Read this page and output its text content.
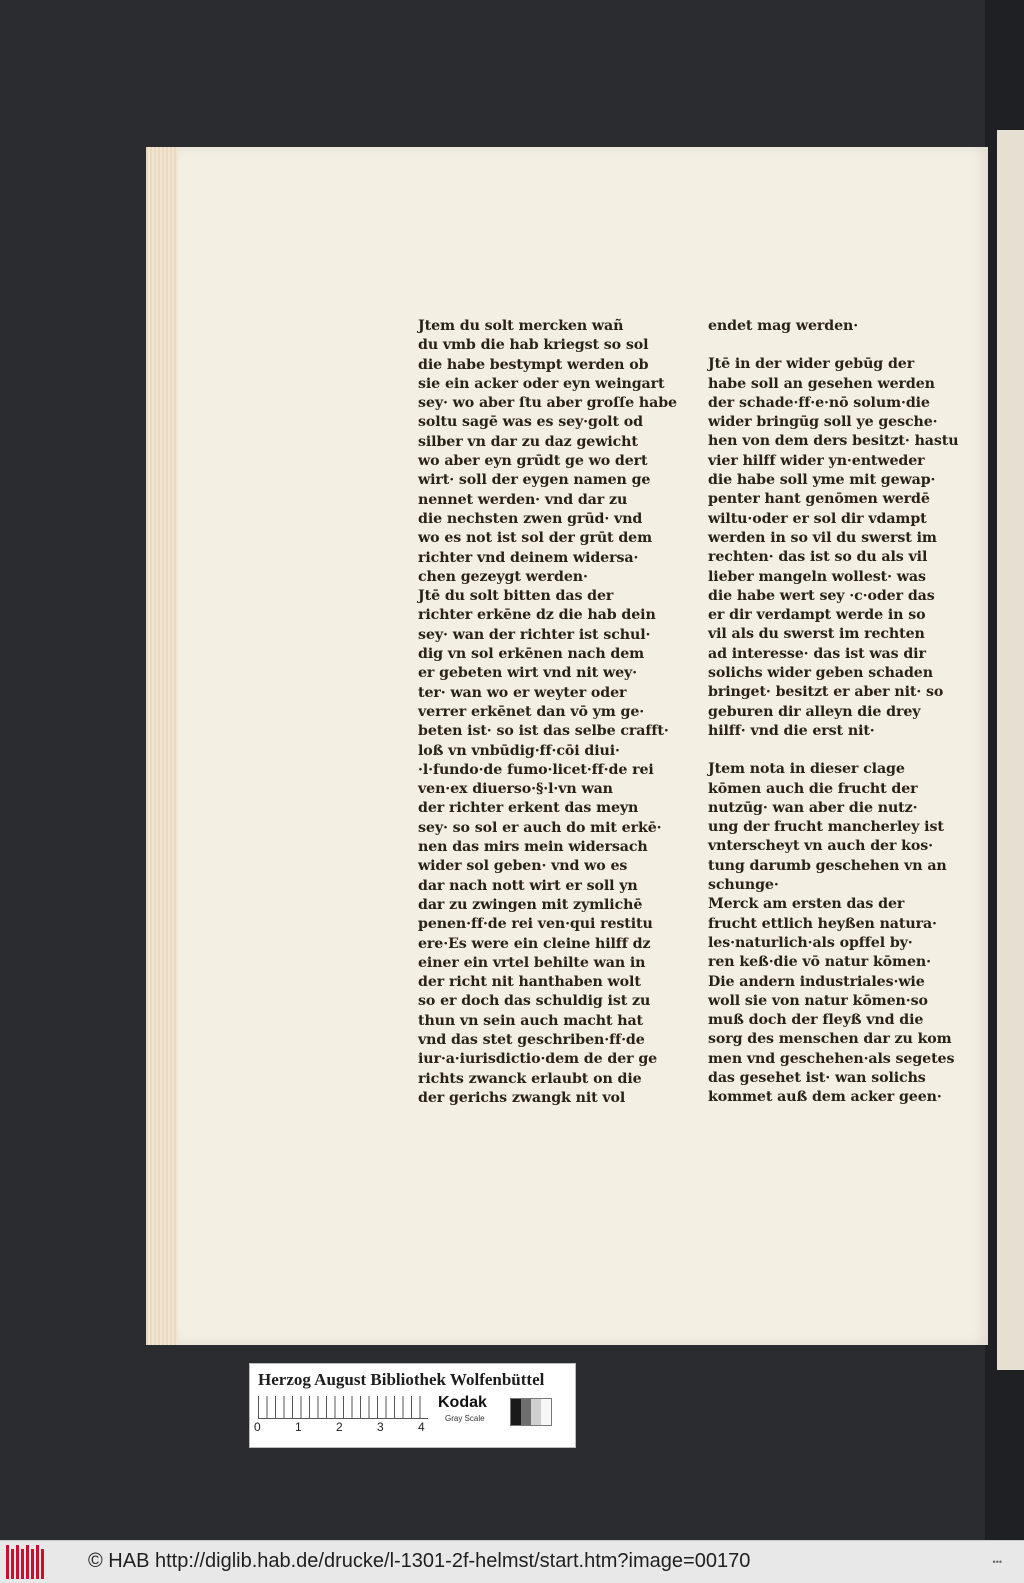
Jtem du solt mercken wañ
du vmb die hab kriegst so sol
die habe bestympt werden ob
sie ein acker oder eyn weingart
sey· wo aber ſtu aber groſſe habe
soltu sagē was es sey·golt od
silber vn dar zu daz gewicht
wo aber eyn grūdt ge wo dert
wirt· soll der eygen namen ge
nennet werden· vnd dar zu
die nechsten zwen grūd· vnd
wo es not ist sol der grūt dem
richter vnd deinem widersa·
chen gezeygt werden·
Jtē du solt bitten das der
richter erkēne dz die hab dein
sey· wan der richter ist schul·
dig vn sol erkēnen nach dem
er gebeten wirt vnd nit wey·
ter· wan wo er weyter oder
verrer erkēnet dan vō ym ge·
beten ist· so ist das selbe crafft·
loß vn vnbūdig·ff·cōi diui·
·l·fundo·de fumo·licet·ff·de rei
ven·ex diuerso·§·l·vn wan
der richter erkent das meyn
sey· so sol er auch do mit erkē·
nen das mirs mein widersach
wider sol geben· vnd wo es
dar nach nott wirt er soll yn
dar zu zwingen mit zymlichē
penen·ff·de rei ven·qui restitu
ere·Es were ein cleine hilff dz
einer ein vrtel behilte wan in
der richt nit hanthaben wolt
so er doch das schuldig ist zu
thun vn sein auch macht hat
vnd das stet geschriben·ff·de
iur·a·iurisdictio·dem de der ge
richts zwanck erlaubt on die
der gerichs zwangk nit vol
endet mag werden·
Jtē in der wider gebūg der
habe soll an gesehen werden
der schade·ff·e·nō solum·die
wider bringūg soll ye gesche·
hen von dem ders besitzt· hastu
vier hilff wider yn·entweder
die habe soll yme mit gewap·
penter hant genōmen werdē
wiltu·oder er sol dir vdampt
werden in so vil du swerst im
rechten· das ist so du als vil
lieber mangeln wollest· was
die habe wert sey ·c·oder das
er dir verdampt werde in so
vil als du swerst im rechten
ad interesse· das ist was dir
solichs wider geben schaden
bringet· besitzt er aber nit· so
geburen dir alleyn die drey
hilff· vnd die erst nit·
Jtem nota in dieser clage
kōmen auch die frucht der
nutzūg· wan aber die nutz·
ung der frucht mancherley ist
vnterscheyt vn auch der kos·
tung darumb geschehen vn an
schunge·
Merck am ersten das der
frucht ettlich heyßen natura·
les·naturlich·als opffel by·
ren keß·die vō natur kōmen·
Die andern industriales·wie
woll sie von natur kōmen·so
muß doch der fleyß vnd die
sorg des menschen dar zu kom
men vnd geschehen·als segetes
das gesehet ist· wan solichs
kommet auß dem acker geen·
Herzog August Bibliothek Wolfenbüttel
0	1	2	3	4
Kodak
Gray Scale
© HAB http://diglib.hab.de/drucke/l-1301-2f-helmst/start.htm?image=00170	•••
